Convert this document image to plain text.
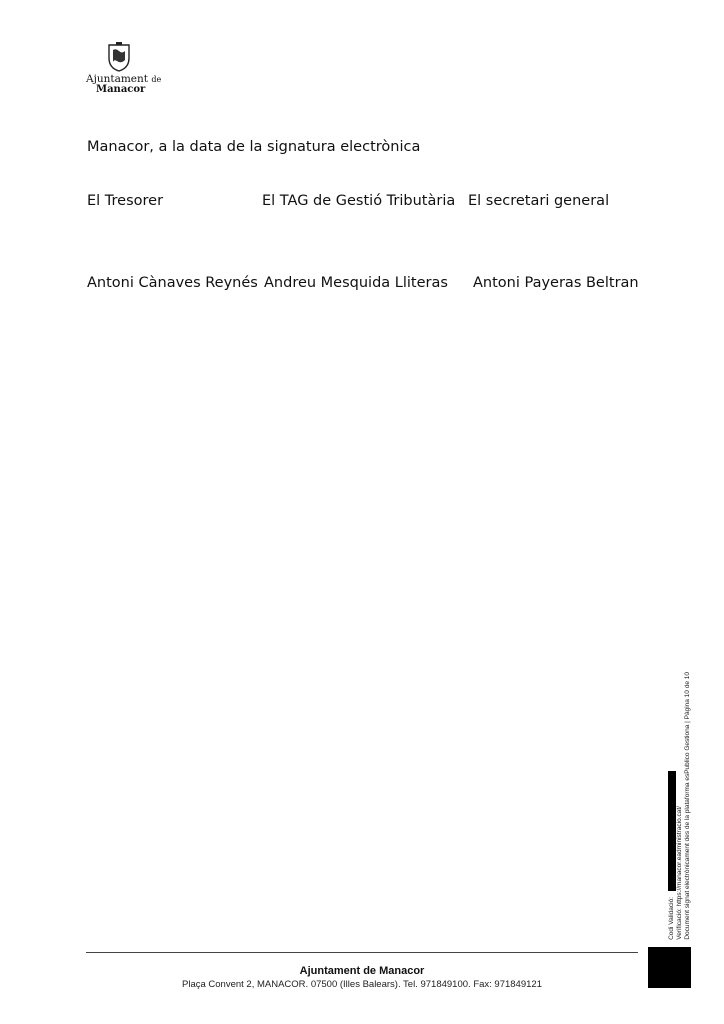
Ajuntament de
Manacor
Manacor, a la data de la signatura electrònica
El Tresorer	El TAG de Gestió Tributària El secretari general
Antoni Cànaves Reynés Andreu Mesquida Lliteras Antoni Payeras Beltran
Codi Validació: Verificació: https://manacor.eadministracio.cat/ Document signat electrònicament des de la plataforma esPublico Gestiona | Pàgina 10 de 10
Ajuntament de Manacor
Plaça Convent 2, MANACOR. 07500 (Illes Balears). Tel. 971849100. Fax: 971849121
